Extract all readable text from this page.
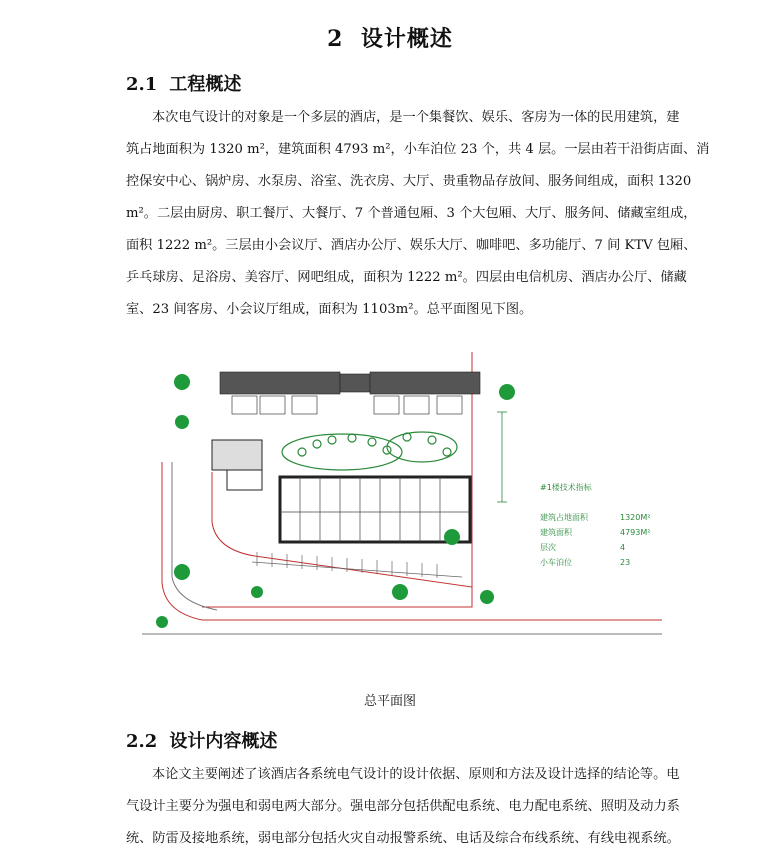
2 设计概述
2.1 工程概述
本次电气设计的对象是一个多层的酒店，是一个集餐饮、娱乐、客房为一体的民用建筑，建
筑占地面积为 1320 m²，建筑面积 4793 m²，小车泊位 23 个，共 4 层。一层由若干沿街店面、消
控保安中心、锅炉房、水泵房、浴室、洗衣房、大厅、贵重物品存放间、服务间组成，面积 1320
m²。二层由厨房、职工餐厅、大餐厅、7 个普通包厢、3 个大包厢、大厅、服务间、储藏室组成，
面积 1222 m²。三层由小会议厅、酒店办公厅、娱乐大厅、咖啡吧、多功能厅、7 间 KTV 包厢、
乒乓球房、足浴房、美容厅、网吧组成，面积为 1222 m²。四层由电信机房、酒店办公厅、储藏
室、23 间客房、小会议厅组成，面积为 1103m²。总平面图见下图。
#1楼技术指标
建筑占地面积	1320M²
建筑面积	4793M²
层次	4
小车泊位	23
总平面图
2.2 设计内容概述
本论文主要阐述了该酒店各系统电气设计的设计依据、原则和方法及设计选择的结论等。电
气设计主要分为强电和弱电两大部分。强电部分包括供配电系统、电力配电系统、照明及动力系
统、防雷及接地系统，弱电部分包括火灾自动报警系统、电话及综合布线系统、有线电视系统。
